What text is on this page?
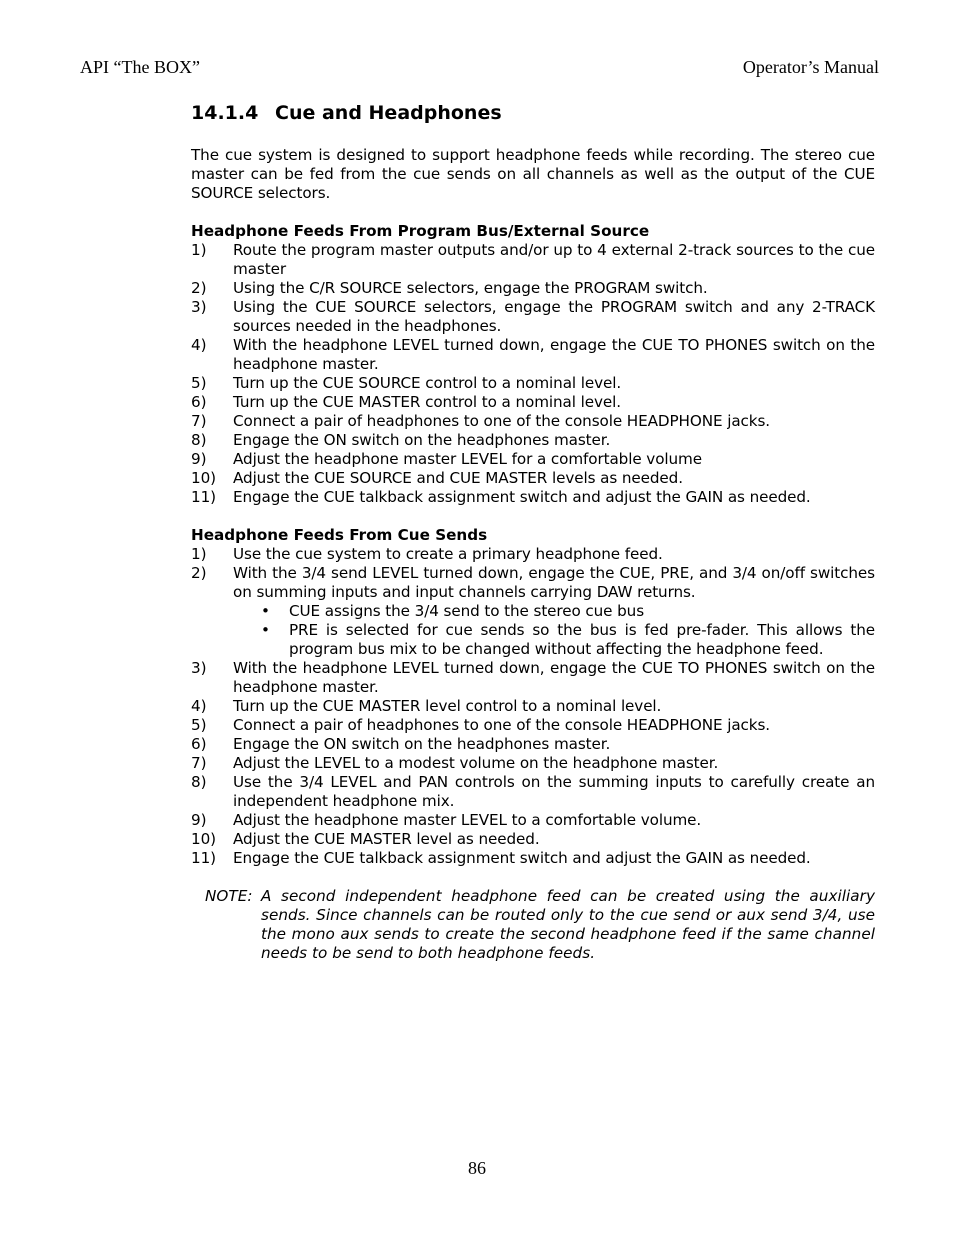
API “The BOX”	Operator’s Manual
14.1.4 Cue and Headphones

The cue system is designed to support headphone feeds while recording. The stereo cue master can be fed from the cue sends on all channels as well as the output of the CUE SOURCE selectors.

Headphone Feeds From Program Bus/External Source
1) Route the program master outputs and/or up to 4 external 2-track sources to the cue master
2) Using the C/R SOURCE selectors, engage the PROGRAM switch.
3) Using the CUE SOURCE selectors, engage the PROGRAM switch and any 2-TRACK sources needed in the headphones.
4) With the headphone LEVEL turned down, engage the CUE TO PHONES switch on the headphone master.
5) Turn up the CUE SOURCE control to a nominal level.
6) Turn up the CUE MASTER control to a nominal level.
7) Connect a pair of headphones to one of the console HEADPHONE jacks.
8) Engage the ON switch on the headphones master.
9) Adjust the headphone master LEVEL for a comfortable volume
10) Adjust the CUE SOURCE and CUE MASTER levels as needed.
11) Engage the CUE talkback assignment switch and adjust the GAIN as needed.
Headphone Feeds From Cue Sends
1) Use the cue system to create a primary headphone feed.
2) With the 3/4 send LEVEL turned down, engage the CUE, PRE, and 3/4 on/off switches on summing inputs and input channels carrying DAW returns.
• CUE assigns the 3/4 send to the stereo cue bus
• PRE is selected for cue sends so the bus is fed pre-fader. This allows the program bus mix to be changed without affecting the headphone feed.
3) With the headphone LEVEL turned down, engage the CUE TO PHONES switch on the headphone master.
4) Turn up the CUE MASTER level control to a nominal level.
5) Connect a pair of headphones to one of the console HEADPHONE jacks.
6) Engage the ON switch on the headphones master.
7) Adjust the LEVEL to a modest volume on the headphone master.
8) Use the 3/4 LEVEL and PAN controls on the summing inputs to carefully create an independent headphone mix.
9) Adjust the headphone master LEVEL to a comfortable volume.
10) Adjust the CUE MASTER level as needed.
11) Engage the CUE talkback assignment switch and adjust the GAIN as needed.
NOTE: A second independent headphone feed can be created using the auxiliary sends. Since channels can be routed only to the cue send or aux send 3/4, use the mono aux sends to create the second headphone feed if the same channel needs to be send to both headphone feeds.
86
